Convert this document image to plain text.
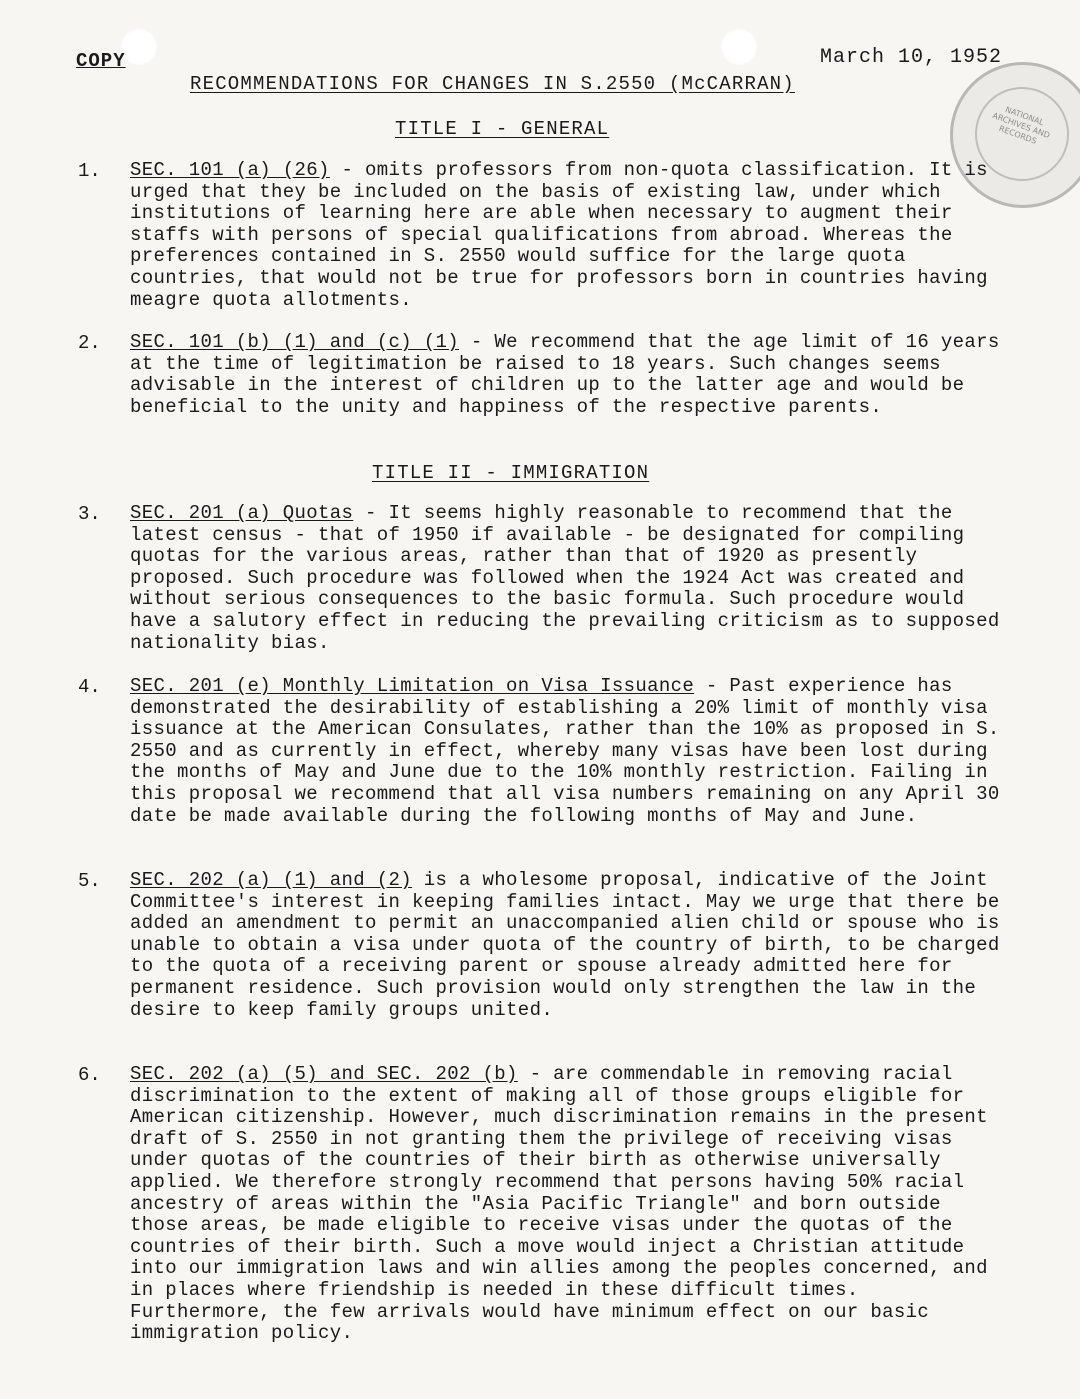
COPY	March 10, 1952
NATIONAL ARCHIVES AND RECORDS
RECOMMENDATIONS FOR CHANGES IN S.2550 (McCARRAN)
TITLE I - GENERAL
1.	SEC. 101 (a) (26) - omits professors from non-quota classification. It is urged that they be included on the basis of existing law, under which institutions of learning here are able when necessary to augment their staffs with persons of special qualifications from abroad. Whereas the preferences contained in S. 2550 would suffice for the large quota countries, that would not be true for professors born in countries having meagre quota allotments.
2.	SEC. 101 (b) (1) and (c) (1) - We recommend that the age limit of 16 years at the time of legitimation be raised to 18 years. Such changes seems advisable in the interest of children up to the latter age and would be beneficial to the unity and happiness of the respective parents.
TITLE II - IMMIGRATION
3.	SEC. 201 (a) Quotas - It seems highly reasonable to recommend that the latest census - that of 1950 if available - be designated for compiling quotas for the various areas, rather than that of 1920 as presently proposed. Such procedure was followed when the 1924 Act was created and without serious consequences to the basic formula. Such procedure would have a salutory effect in reducing the prevailing criticism as to supposed nationality bias.
4.	SEC. 201 (e) Monthly Limitation on Visa Issuance - Past experience has demonstrated the desirability of establishing a 20% limit of monthly visa issuance at the American Consulates, rather than the 10% as proposed in S. 2550 and as currently in effect, whereby many visas have been lost during the months of May and June due to the 10% monthly restriction. Failing in this proposal we recommend that all visa numbers remaining on any April 30 date be made available during the following months of May and June.
5.	SEC. 202 (a) (1) and (2) is a wholesome proposal, indicative of the Joint Committee's interest in keeping families intact. May we urge that there be added an amendment to permit an unaccompanied alien child or spouse who is unable to obtain a visa under quota of the country of birth, to be charged to the quota of a receiving parent or spouse already admitted here for permanent residence. Such provision would only strengthen the law in the desire to keep family groups united.
6.	SEC. 202 (a) (5) and SEC. 202 (b) - are commendable in removing racial discrimination to the extent of making all of those groups eligible for American citizenship. However, much discrimination remains in the present draft of S. 2550 in not granting them the privilege of receiving visas under quotas of the countries of their birth as otherwise universally applied. We therefore strongly recommend that persons having 50% racial ancestry of areas within the "Asia Pacific Triangle" and born outside those areas, be made eligible to receive visas under the quotas of the countries of their birth. Such a move would inject a Christian attitude into our immigration laws and win allies among the peoples concerned, and in places where friendship is needed in these difficult times. Furthermore, the few arrivals would have minimum effect on our basic immigration policy.
